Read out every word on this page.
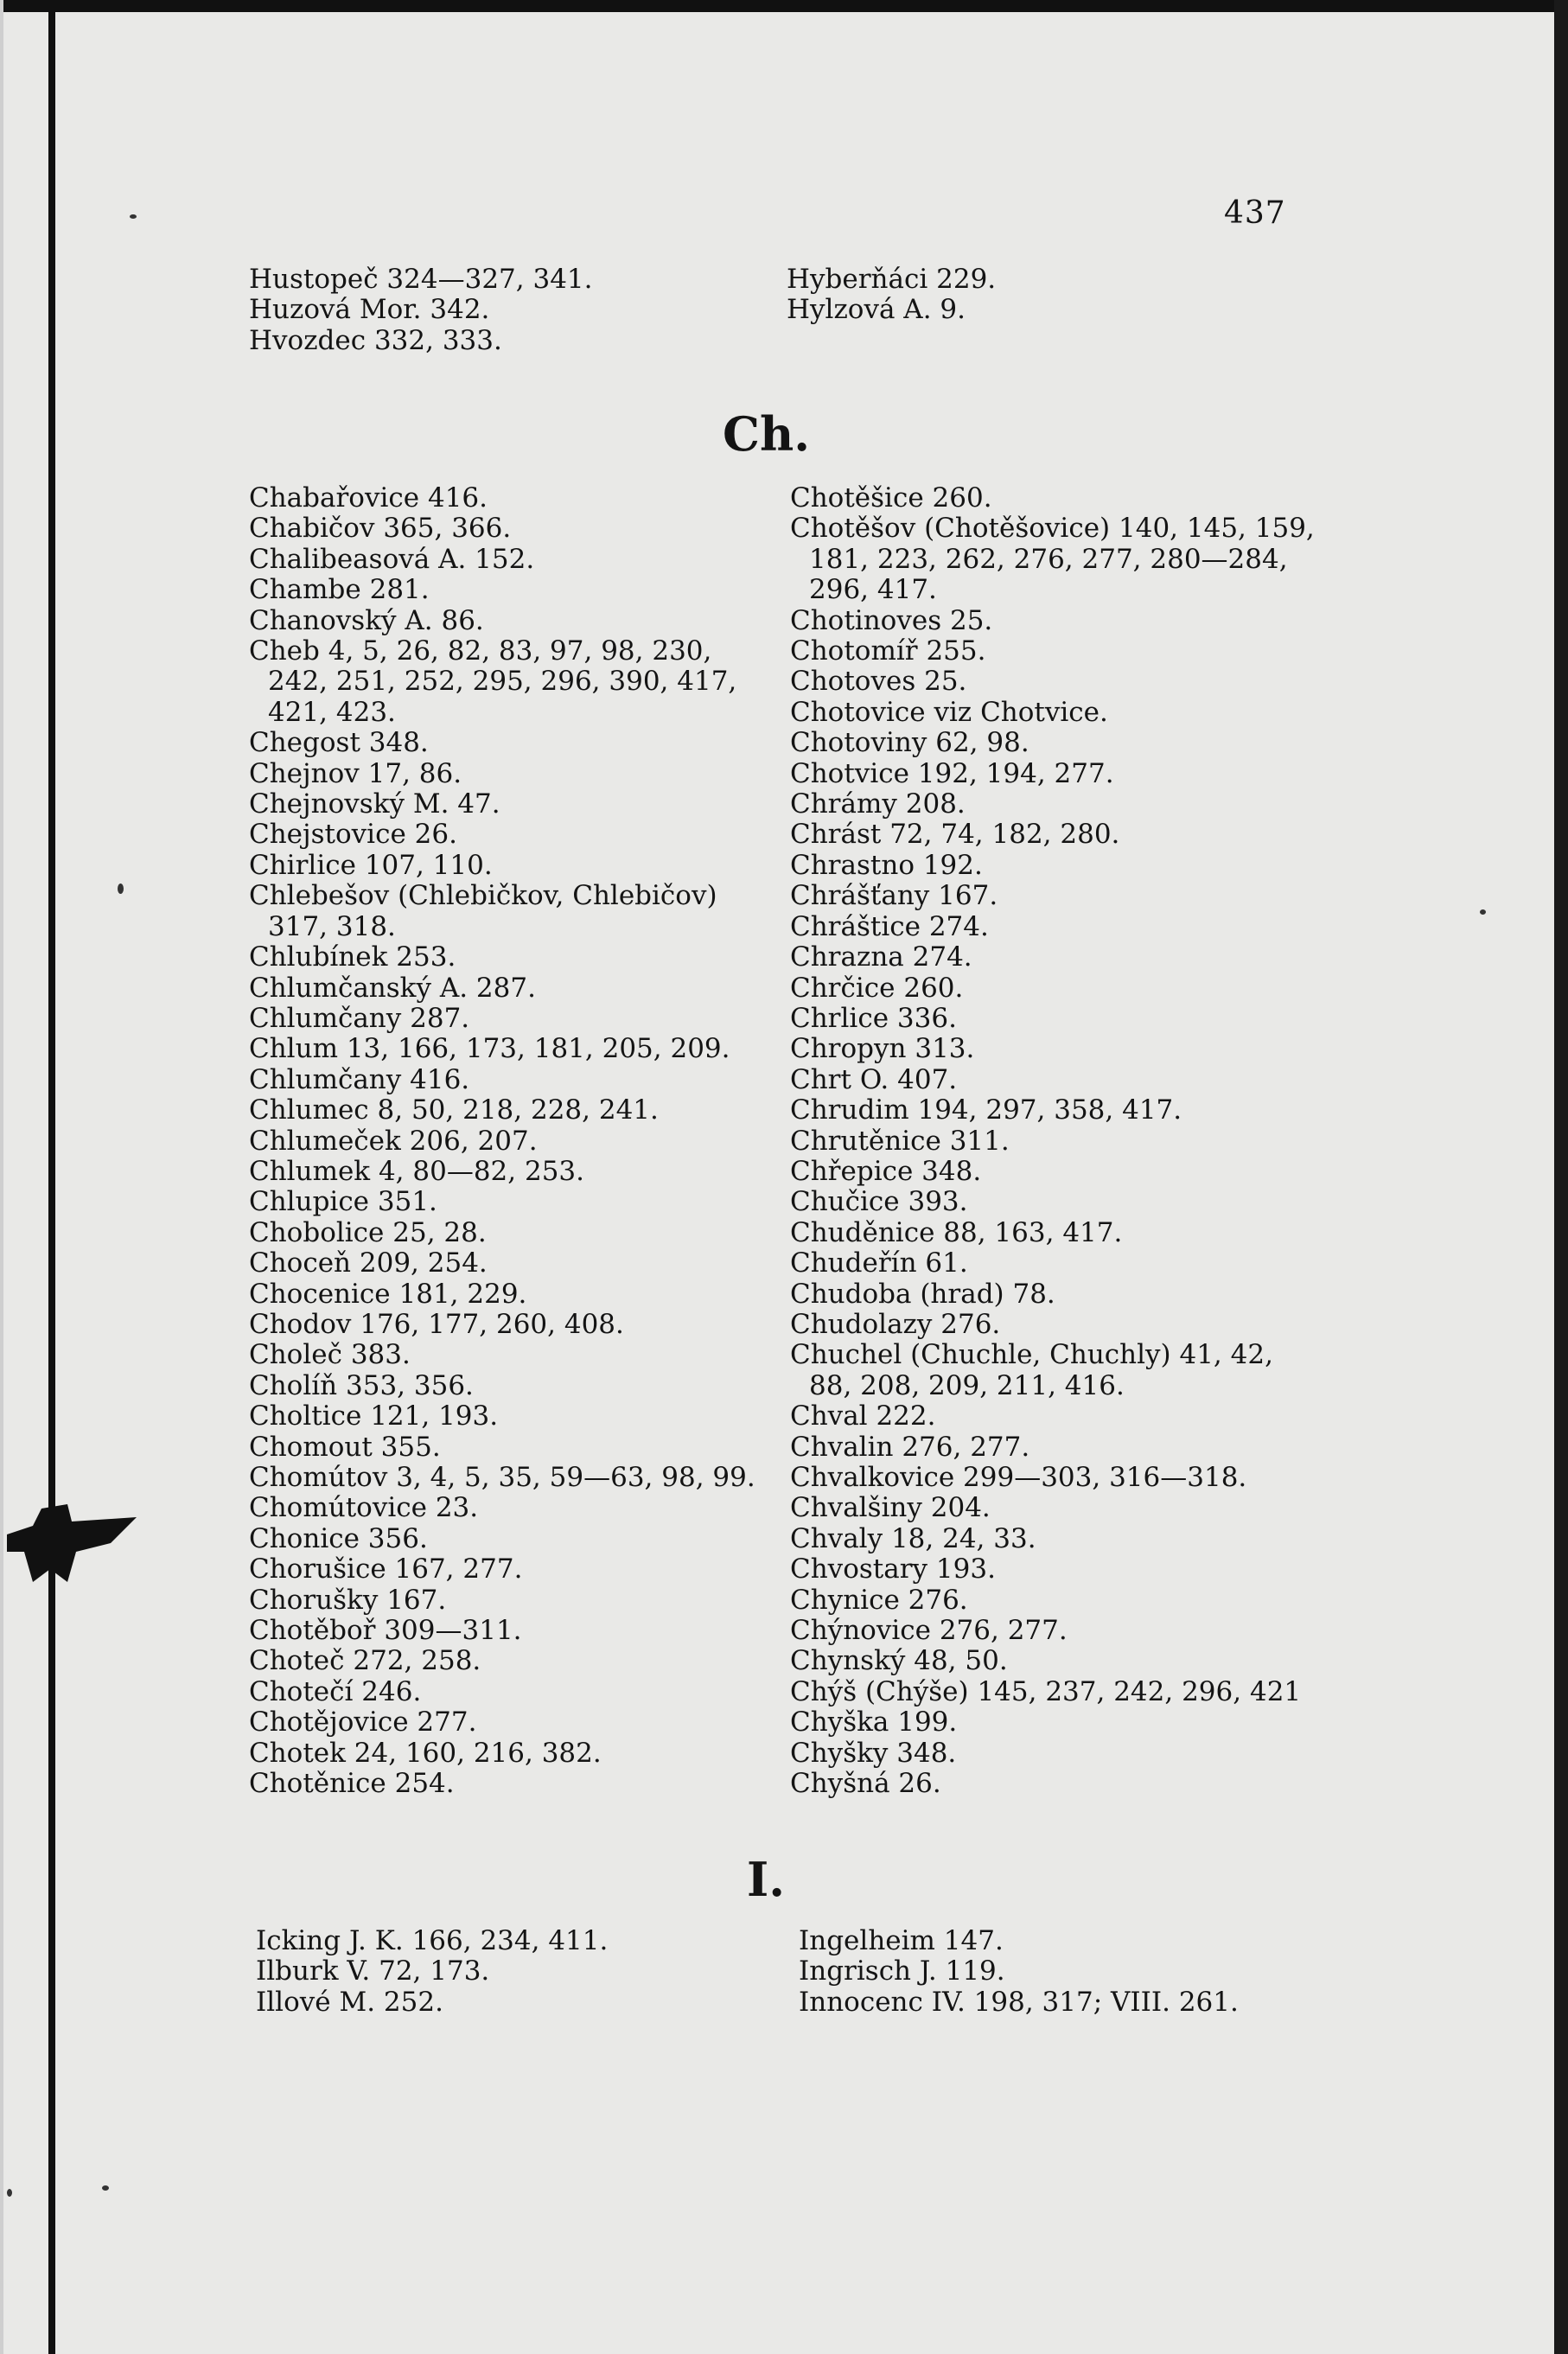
437
Hustopeč 324—327, 341.
Huzová Mor. 342.
Hvozdec 332, 333.
Hyberňáci 229.
Hylzová A. 9.
Ch.
Chabařovice 416.
Chabičov 365, 366.
Chalibeasová A. 152.
Chambe 281.
Chanovský A. 86.
Cheb 4, 5, 26, 82, 83, 97, 98, 230,
242, 251, 252, 295, 296, 390, 417,
421, 423.
Chegost 348.
Chejnov 17, 86.
Chejnovský M. 47.
Chejstovice 26.
Chirlice 107, 110.
Chlebešov (Chlebičkov, Chlebičov)
317, 318.
Chlubínek 253.
Chlumčanský A. 287.
Chlumčany 287.
Chlum 13, 166, 173, 181, 205, 209.
Chlumčany 416.
Chlumec 8, 50, 218, 228, 241.
Chlumeček 206, 207.
Chlumek 4, 80—82, 253.
Chlupice 351.
Chobolice 25, 28.
Choceň 209, 254.
Chocenice 181, 229.
Chodov 176, 177, 260, 408.
Choleč 383.
Cholíň 353, 356.
Choltice 121, 193.
Chomout 355.
Chomútov 3, 4, 5, 35, 59—63, 98, 99.
Chomútovice 23.
Chonice 356.
Chorušice 167, 277.
Chorušky 167.
Chotěboř 309—311.
Choteč 272, 258.
Chotečí 246.
Chotějovice 277.
Chotek 24, 160, 216, 382.
Chotěnice 254.
Chotěšice 260.
Chotěšov (Chotěšovice) 140, 145, 159,
181, 223, 262, 276, 277, 280—284,
296, 417.
Chotinoves 25.
Chotomíř 255.
Chotoves 25.
Chotovice viz Chotvice.
Chotoviny 62, 98.
Chotvice 192, 194, 277.
Chrámy 208.
Chrást 72, 74, 182, 280.
Chrastno 192.
Chrášťany 167.
Chráštice 274.
Chrazna 274.
Chrčice 260.
Chrlice 336.
Chropyn 313.
Chrt O. 407.
Chrudim 194, 297, 358, 417.
Chrutěnice 311.
Chřepice 348.
Chučice 393.
Chuděnice 88, 163, 417.
Chudeřín 61.
Chudoba (hrad) 78.
Chudolazy 276.
Chuchel (Chuchle, Chuchly) 41, 42,
88, 208, 209, 211, 416.
Chval 222.
Chvalin 276, 277.
Chvalkovice 299—303, 316—318.
Chvalšiny 204.
Chvaly 18, 24, 33.
Chvostary 193.
Chynice 276.
Chýnovice 276, 277.
Chynský 48, 50.
Chýš (Chýše) 145, 237, 242, 296, 421
Chyška 199.
Chyšky 348.
Chyšná 26.
I.
Icking J. K. 166, 234, 411.
Ilburk V. 72, 173.
Illové M. 252.
Ingelheim 147.
Ingrisch J. 119.
Innocenc IV. 198, 317; VIII. 261.
